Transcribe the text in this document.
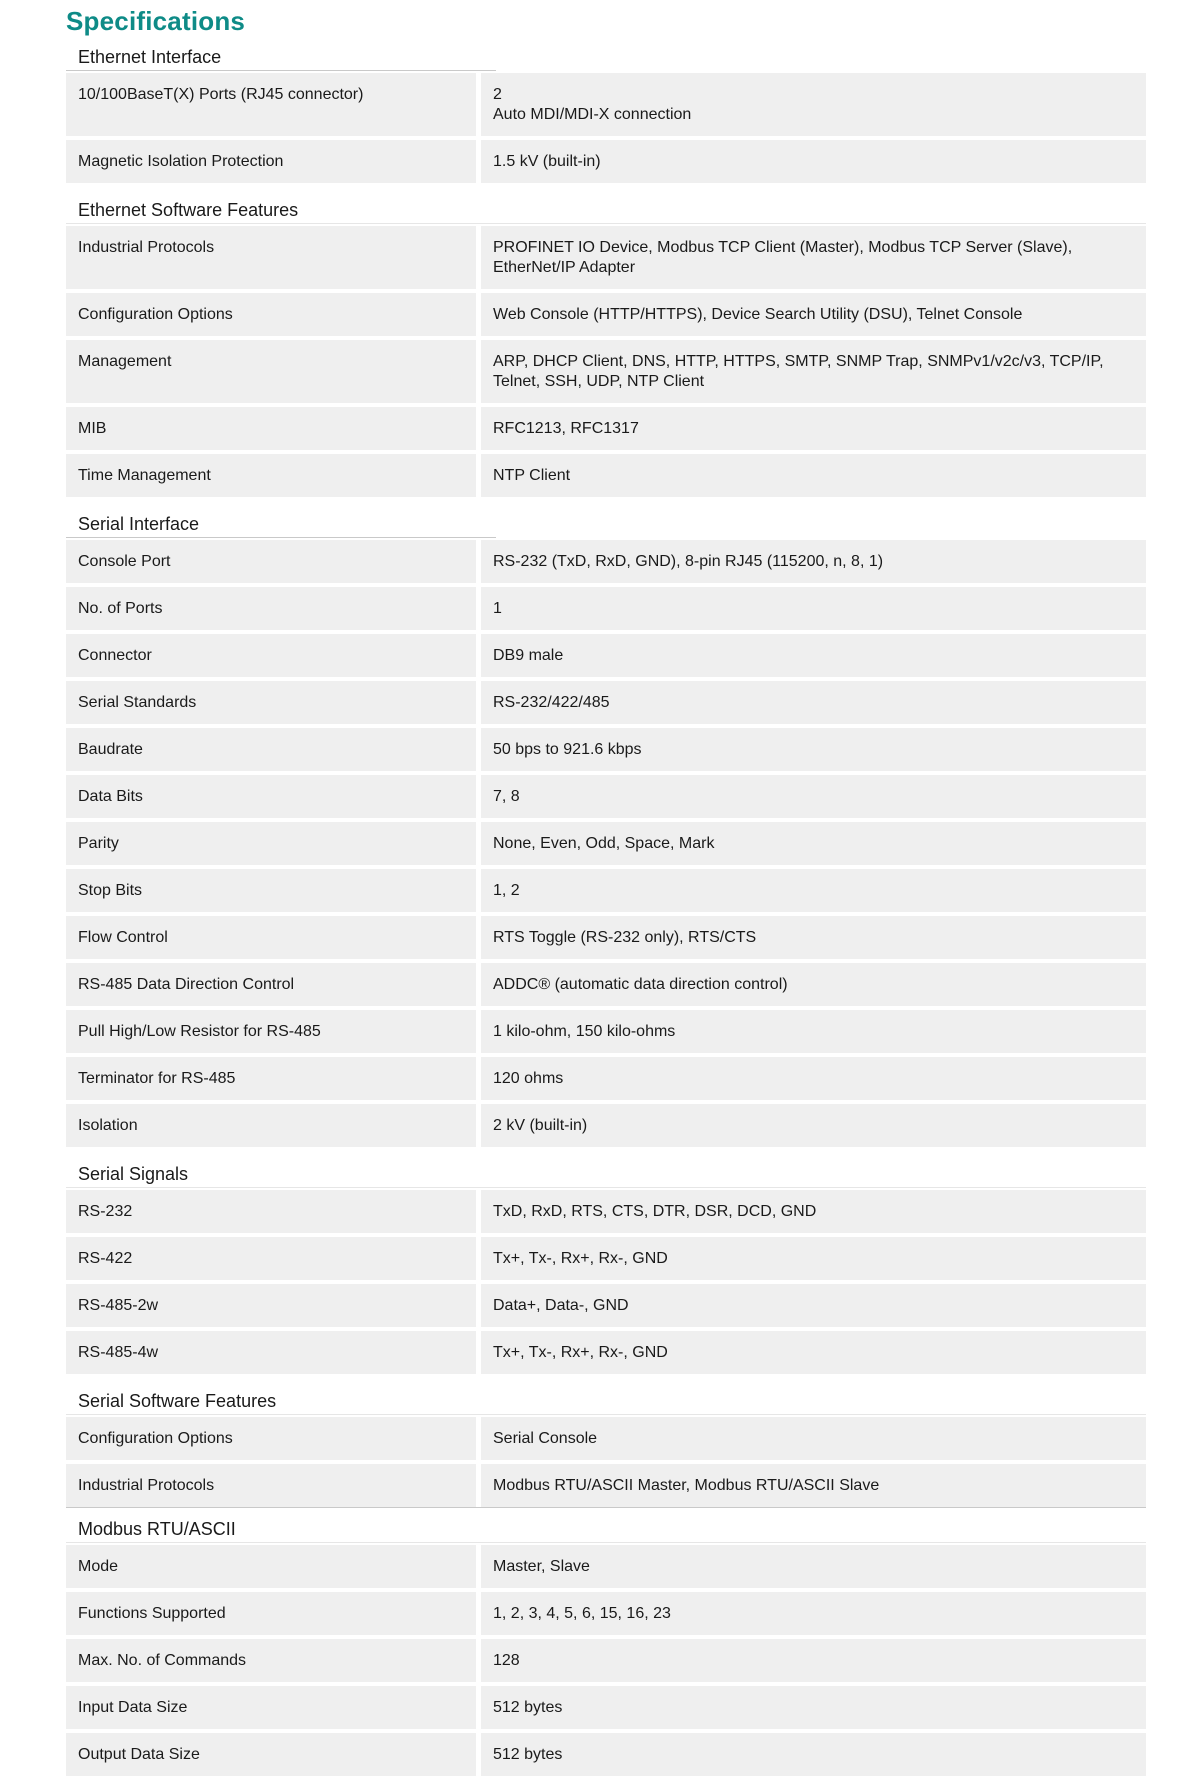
Specifications
Ethernet Interface
10/100BaseT(X) Ports (RJ45 connector)	2
Auto MDI/MDI-X connection
Magnetic Isolation Protection	1.5 kV (built-in)
Ethernet Software Features
Industrial Protocols	PROFINET IO Device, Modbus TCP Client (Master), Modbus TCP Server (Slave),
EtherNet/IP Adapter
Configuration Options	Web Console (HTTP/HTTPS), Device Search Utility (DSU), Telnet Console
Management	ARP, DHCP Client, DNS, HTTP, HTTPS, SMTP, SNMP Trap, SNMPv1/v2c/v3, TCP/IP,
Telnet, SSH, UDP, NTP Client
MIB	RFC1213, RFC1317
Time Management	NTP Client
Serial Interface
Console Port	RS-232 (TxD, RxD, GND), 8-pin RJ45 (115200, n, 8, 1)
No. of Ports	1
Connector	DB9 male
Serial Standards	RS-232/422/485
Baudrate	50 bps to 921.6 kbps
Data Bits	7, 8
Parity	None, Even, Odd, Space, Mark
Stop Bits	1, 2
Flow Control	RTS Toggle (RS-232 only), RTS/CTS
RS-485 Data Direction Control	ADDC® (automatic data direction control)
Pull High/Low Resistor for RS-485	1 kilo-ohm, 150 kilo-ohms
Terminator for RS-485	120 ohms
Isolation	2 kV (built-in)
Serial Signals
RS-232	TxD, RxD, RTS, CTS, DTR, DSR, DCD, GND
RS-422	Tx+, Tx-, Rx+, Rx-, GND
RS-485-2w	Data+, Data-, GND
RS-485-4w	Tx+, Tx-, Rx+, Rx-, GND
Serial Software Features
Configuration Options	Serial Console
Industrial Protocols	Modbus RTU/ASCII Master, Modbus RTU/ASCII Slave
Modbus RTU/ASCII
Mode	Master, Slave
Functions Supported	1, 2, 3, 4, 5, 6, 15, 16, 23
Max. No. of Commands	128
Input Data Size	512 bytes
Output Data Size	512 bytes
